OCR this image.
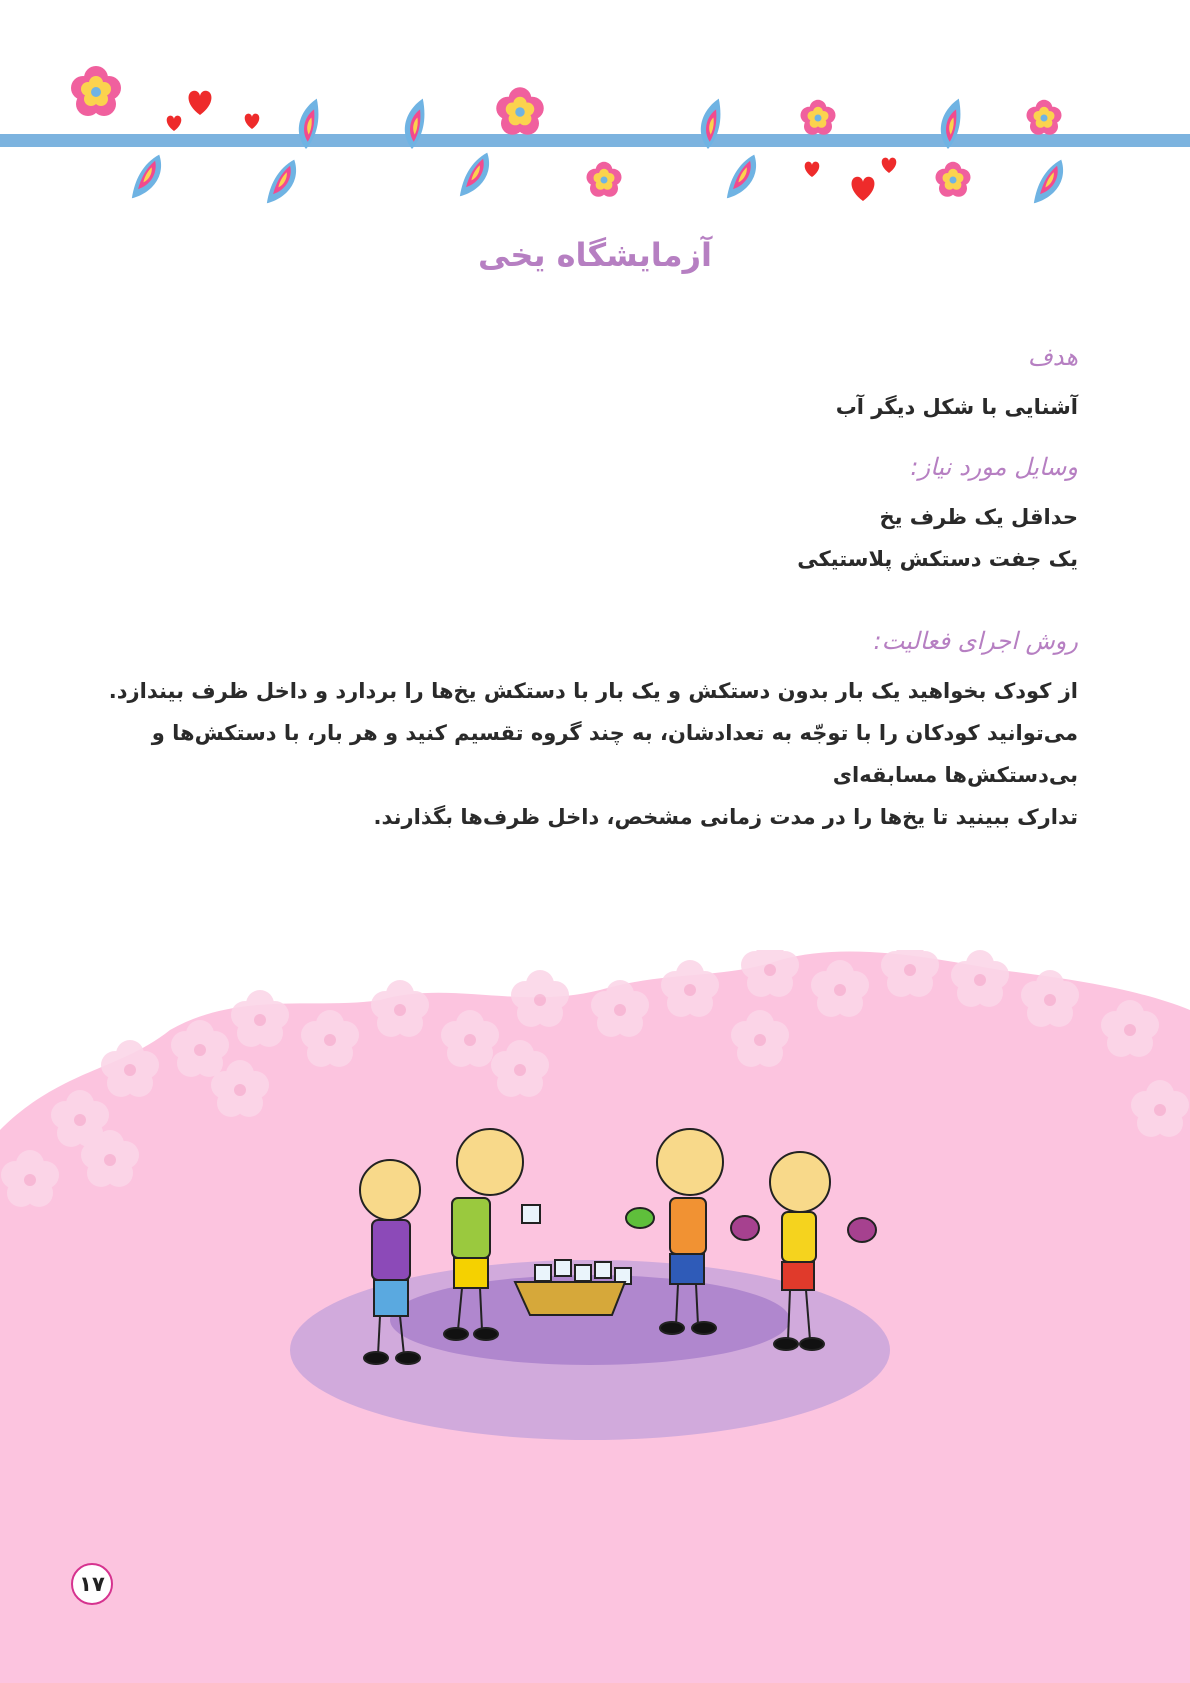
آزمایشگاه یخی

هدف

آشنایی با شکل دیگر آب

وسایل مورد نیاز:

حداقل یک ظرف یخ

یک جفت دستکش پلاستیکی

روش اجرای فعالیت:

از کودک بخواهید یک بار بدون دستکش و یک بار با دستکش یخ‌ها را بردارد و داخل ظرف بیندازد.

می‌توانید کودکان را با توجّه به تعدادشان، به چند گروه تقسیم کنید و هر بار، با دستکش‌ها و بی‌دستکش‌ها مسابقه‌ای

تدارک ببینید تا یخ‌ها را در مدت زمانی مشخص، داخل ظرف‌ها بگذارند.

۱۷
